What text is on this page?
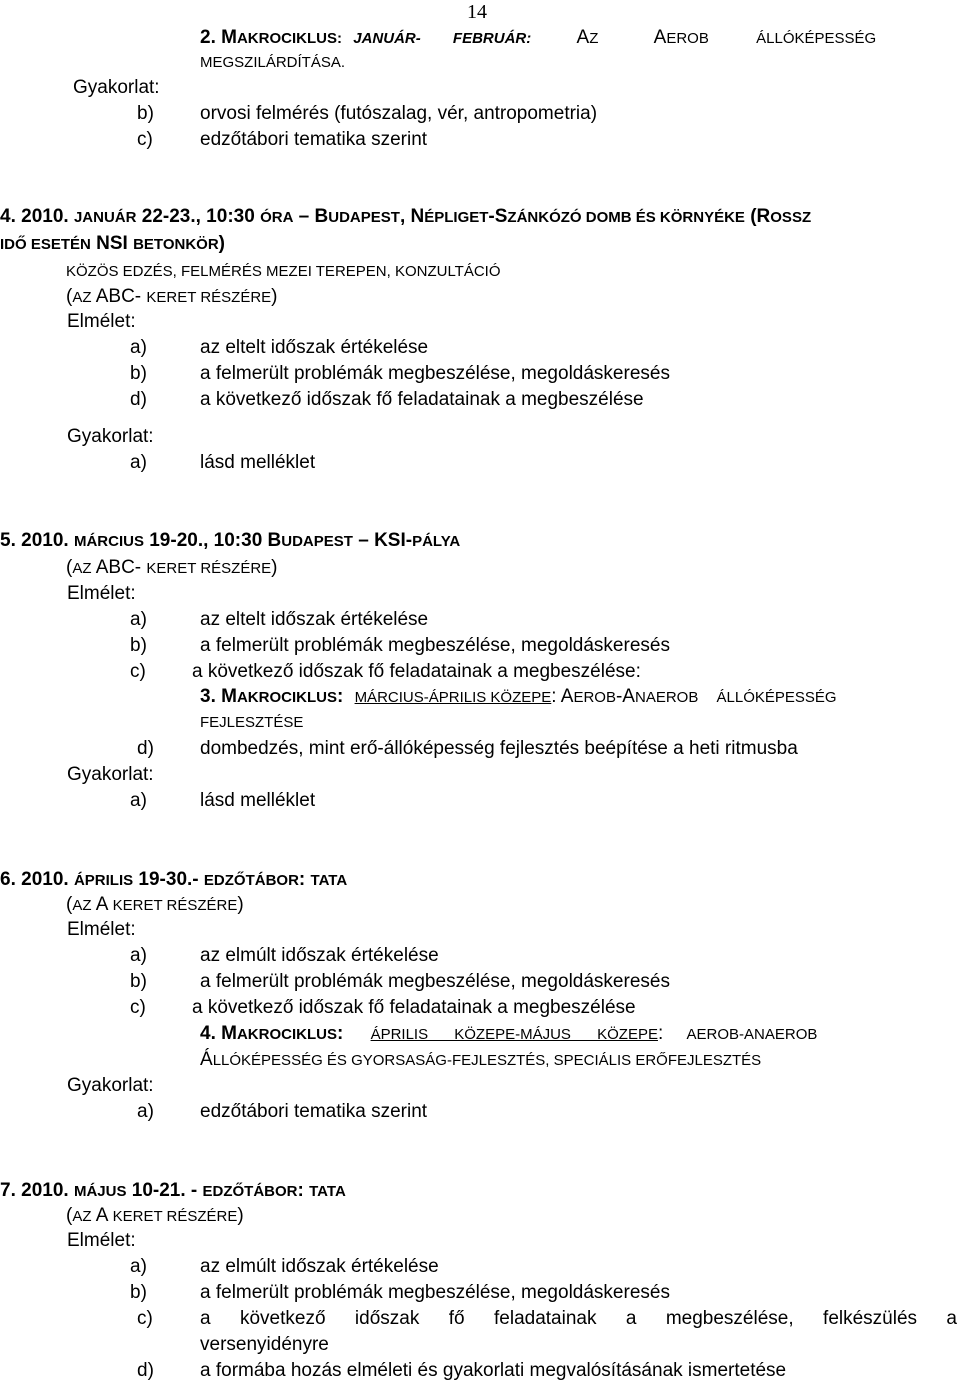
14
2. MAKROCIKLUS: JANUÁR- FEBRUÁR: AZ	AEROB	ÁLLÓKÉPESSÉG
MEGSZILÁRDÍTÁSA.
Gyakorlat:
b) orvosi felmérés (futószalag, vér, antropometria)
c) edzőtábori tematika szerint
4. 2010. JANUÁR 22-23., 10:30 ÓRA – BUDAPEST, NÉPLIGET-SZÁNKÓZÓ DOMB ÉS KÖRNYÉKE (ROSSZ
IDŐ ESETÉN NSI BETONKÖR)
KÖZÖS EDZÉS, FELMÉRÉS MEZEI TEREPEN, KONZULTÁCIÓ
(AZ ABC- KERET RÉSZÉRE)
Elmélet:
a)	az eltelt időszak értékelése
b)	a felmerült problémák megbeszélése, megoldáskeresés
d)	a következő időszak fő feladatainak a megbeszélése
Gyakorlat:
a)	lásd melléklet
5. 2010. MÁRCIUS 19-20., 10:30 BUDAPEST – KSI-PÁLYA
(AZ ABC- KERET RÉSZÉRE)
Elmélet:
a)	az eltelt időszak értékelése
b)	a felmerült problémák megbeszélése, megoldáskeresés
c) a következő időszak fő feladatainak a megbeszélése:
3. MAKROCIKLUS: MÁRCIUS-ÁPRILIS KÖZEPE: AEROB-ANAEROB ÁLLÓKÉPESSÉG
FEJLESZTÉSE
d) dombedzés, mint erő-állóképesség fejlesztés beépítése a heti ritmusba
Gyakorlat:
a)	lásd melléklet
6. 2010. ÁPRILIS 19-30.- EDZŐTÁBOR: TATA
(AZ A KERET RÉSZÉRE)
Elmélet:
a)	az elmúlt időszak értékelése
b)	a felmerült problémák megbeszélése, megoldáskeresés
c) a következő időszak fő feladatainak a megbeszélése
4. MAKROCIKLUS: ÁPRILIS KÖZEPE-MÁJUS KÖZEPE: AEROB-ANAEROB
ÁLLÓKÉPESSÉG ÉS GYORSASÁG-FEJLESZTÉS, SPECIÁLIS ERŐFEJLESZTÉS
Gyakorlat:
a) edzőtábori tematika szerint
7. 2010. MÁJUS 10-21. - EDZŐTÁBOR: TATA
(AZ A KERET RÉSZÉRE)
Elmélet:
a)	az elmúlt időszak értékelése
b)	a felmerült problémák megbeszélése, megoldáskeresés
c) a következő időszak fő feladatainak a megbeszélése, felkészülés a
versenyidényre
d) a formába hozás elméleti és gyakorlati megvalósításának ismertetése
